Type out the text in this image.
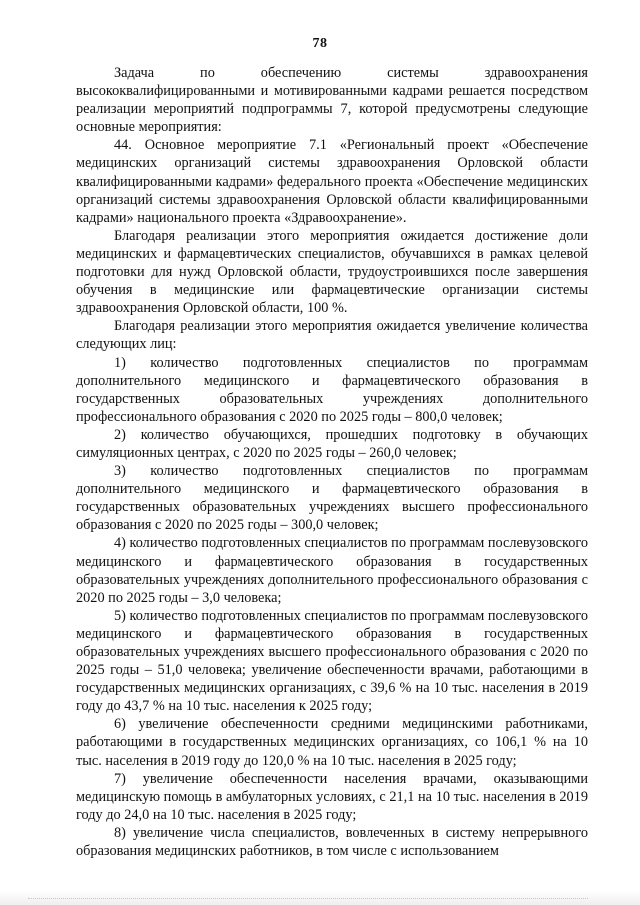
78

Задача по обеспечению системы здравоохранения высококвалифицированными и мотивированными кадрами решается посредством реализации мероприятий подпрограммы 7, которой предусмотрены следующие основные мероприятия:

44. Основное мероприятие 7.1 «Региональный проект «Обеспечение медицинских организаций системы здравоохранения Орловской области квалифицированными кадрами» федерального проекта «Обеспечение медицинских организаций системы здравоохранения Орловской области квалифицированными кадрами» национального проекта «Здравоохранение».

Благодаря реализации этого мероприятия ожидается достижение доли медицинских и фармацевтических специалистов, обучавшихся в рамках целевой подготовки для нужд Орловской области, трудоустроившихся после завершения обучения в медицинские или фармацевтические организации системы здравоохранения Орловской области, 100 %.

Благодаря реализации этого мероприятия ожидается увеличение количества следующих лиц:

1) количество подготовленных специалистов по программам дополнительного медицинского и фармацевтического образования в государственных образовательных учреждениях дополнительного профессионального образования с 2020 по 2025 годы – 800,0 человек;

2) количество обучающихся, прошедших подготовку в обучающих симуляционных центрах, с 2020 по 2025 годы – 260,0 человек;

3) количество подготовленных специалистов по программам дополнительного медицинского и фармацевтического образования в государственных образовательных учреждениях высшего профессионального образования с 2020 по 2025 годы – 300,0 человек;

4) количество подготовленных специалистов по программам послевузовского медицинского и фармацевтического образования в государственных образовательных учреждениях дополнительного профессионального образования с 2020 по 2025 годы – 3,0 человека;

5) количество подготовленных специалистов по программам послевузовского медицинского и фармацевтического образования в государственных образовательных учреждениях высшего профессионального образования с 2020 по 2025 годы – 51,0 человека; увеличение обеспеченности врачами, работающими в государственных медицинских организациях, с 39,6 % на 10 тыс. населения в 2019 году до 43,7 % на 10 тыс. населения к 2025 году;

6) увеличение обеспеченности средними медицинскими работниками, работающими в государственных медицинских организациях, со 106,1 % на 10 тыс. населения в 2019 году до 120,0 % на 10 тыс. населения в 2025 году;

7) увеличение обеспеченности населения врачами, оказывающими медицинскую помощь в амбулаторных условиях, с 21,1 на 10 тыс. населения в 2019 году до 24,0 на 10 тыс. населения в 2025 году;

8) увеличение числа специалистов, вовлеченных в систему непрерывного образования медицинских работников, в том числе с использованием
